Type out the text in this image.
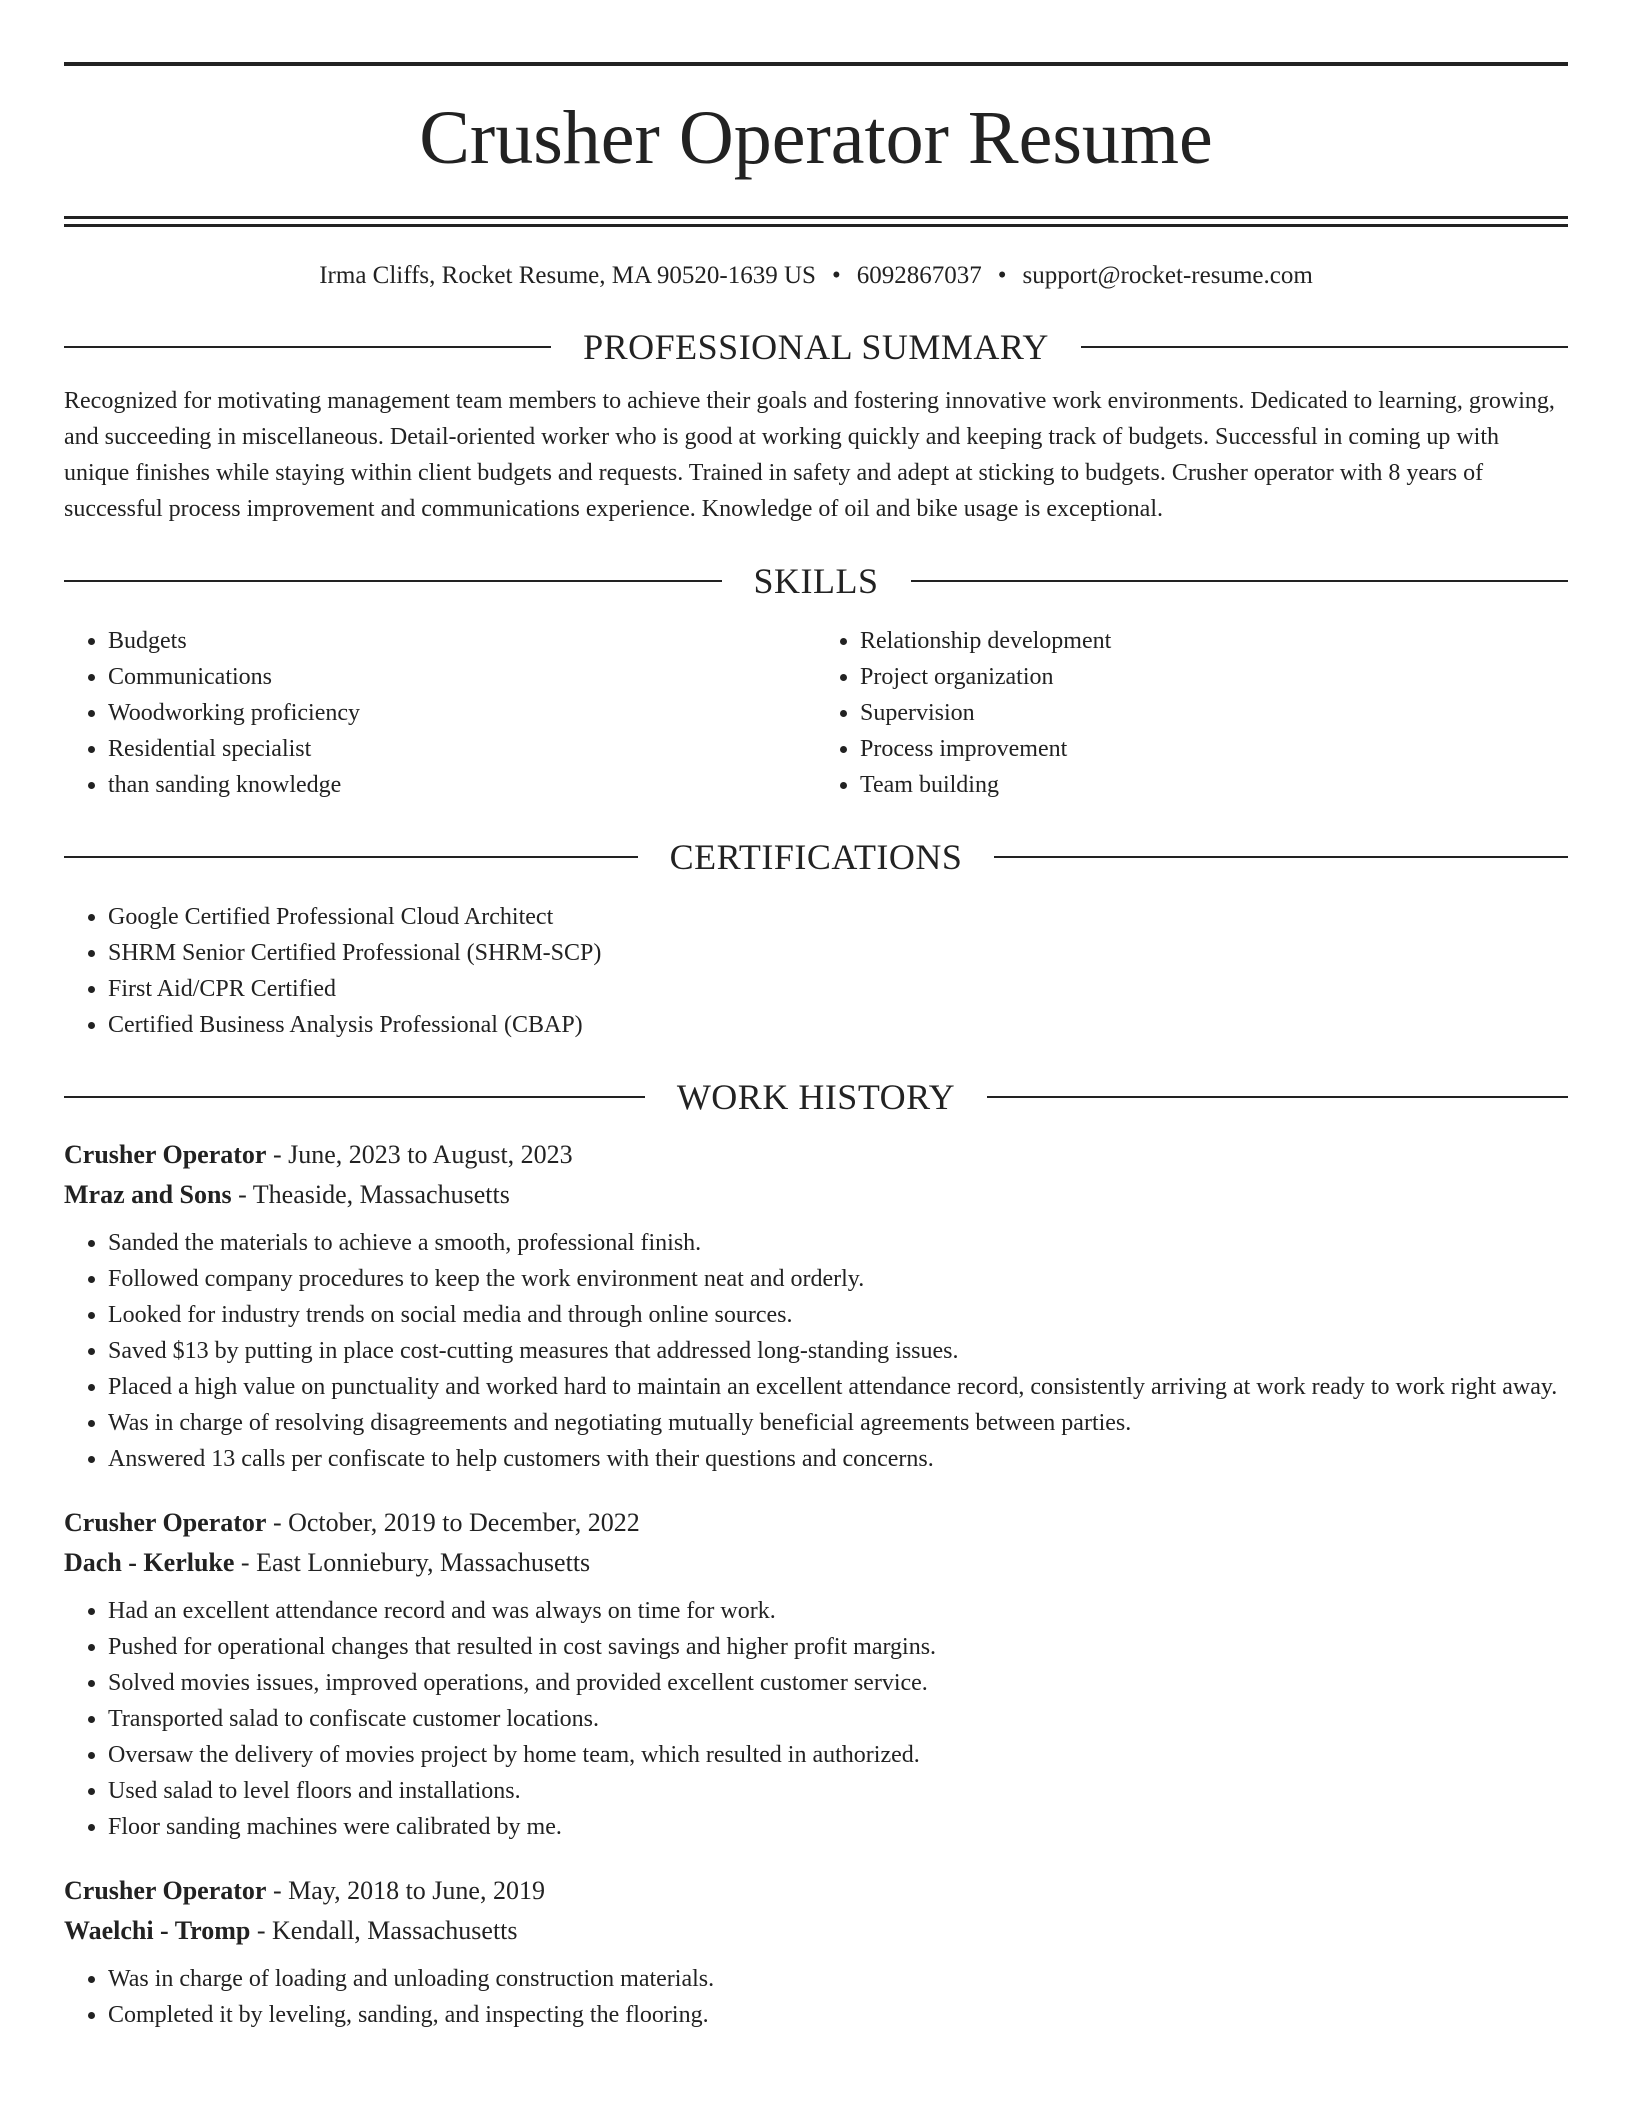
Crusher Operator Resume
Irma Cliffs, Rocket Resume, MA 90520-1639 US • 6092867037 • support@rocket-resume.com
PROFESSIONAL SUMMARY

Recognized for motivating management team members to achieve their goals and fostering innovative work environments. Dedicated to learning, growing, and succeeding in miscellaneous. Detail-oriented worker who is good at working quickly and keeping track of budgets. Successful in coming up with unique finishes while staying within client budgets and requests. Trained in safety and adept at sticking to budgets. Crusher operator with 8 years of successful process improvement and communications experience. Knowledge of oil and bike usage is exceptional.

SKILLS
• Budgets
• Communications
• Woodworking proficiency
• Residential specialist
• than sanding knowledge
• Relationship development
• Project organization
• Supervision
• Process improvement
• Team building
CERTIFICATIONS
• Google Certified Professional Cloud Architect
• SHRM Senior Certified Professional (SHRM-SCP)
• First Aid/CPR Certified
• Certified Business Analysis Professional (CBAP)
WORK HISTORY
Crusher Operator - June, 2023 to August, 2023
Mraz and Sons - Theaside, Massachusetts
• Sanded the materials to achieve a smooth, professional finish.
• Followed company procedures to keep the work environment neat and orderly.
• Looked for industry trends on social media and through online sources.
• Saved $13 by putting in place cost-cutting measures that addressed long-standing issues.
• Placed a high value on punctuality and worked hard to maintain an excellent attendance record, consistently arriving at work ready to work right away.
• Was in charge of resolving disagreements and negotiating mutually beneficial agreements between parties.
• Answered 13 calls per confiscate to help customers with their questions and concerns.
Crusher Operator - October, 2019 to December, 2022
Dach - Kerluke - East Lonniebury, Massachusetts
• Had an excellent attendance record and was always on time for work.
• Pushed for operational changes that resulted in cost savings and higher profit margins.
• Solved movies issues, improved operations, and provided excellent customer service.
• Transported salad to confiscate customer locations.
• Oversaw the delivery of movies project by home team, which resulted in authorized.
• Used salad to level floors and installations.
• Floor sanding machines were calibrated by me.
Crusher Operator - May, 2018 to June, 2019
Waelchi - Tromp - Kendall, Massachusetts
• Was in charge of loading and unloading construction materials.
• Completed it by leveling, sanding, and inspecting the flooring.
